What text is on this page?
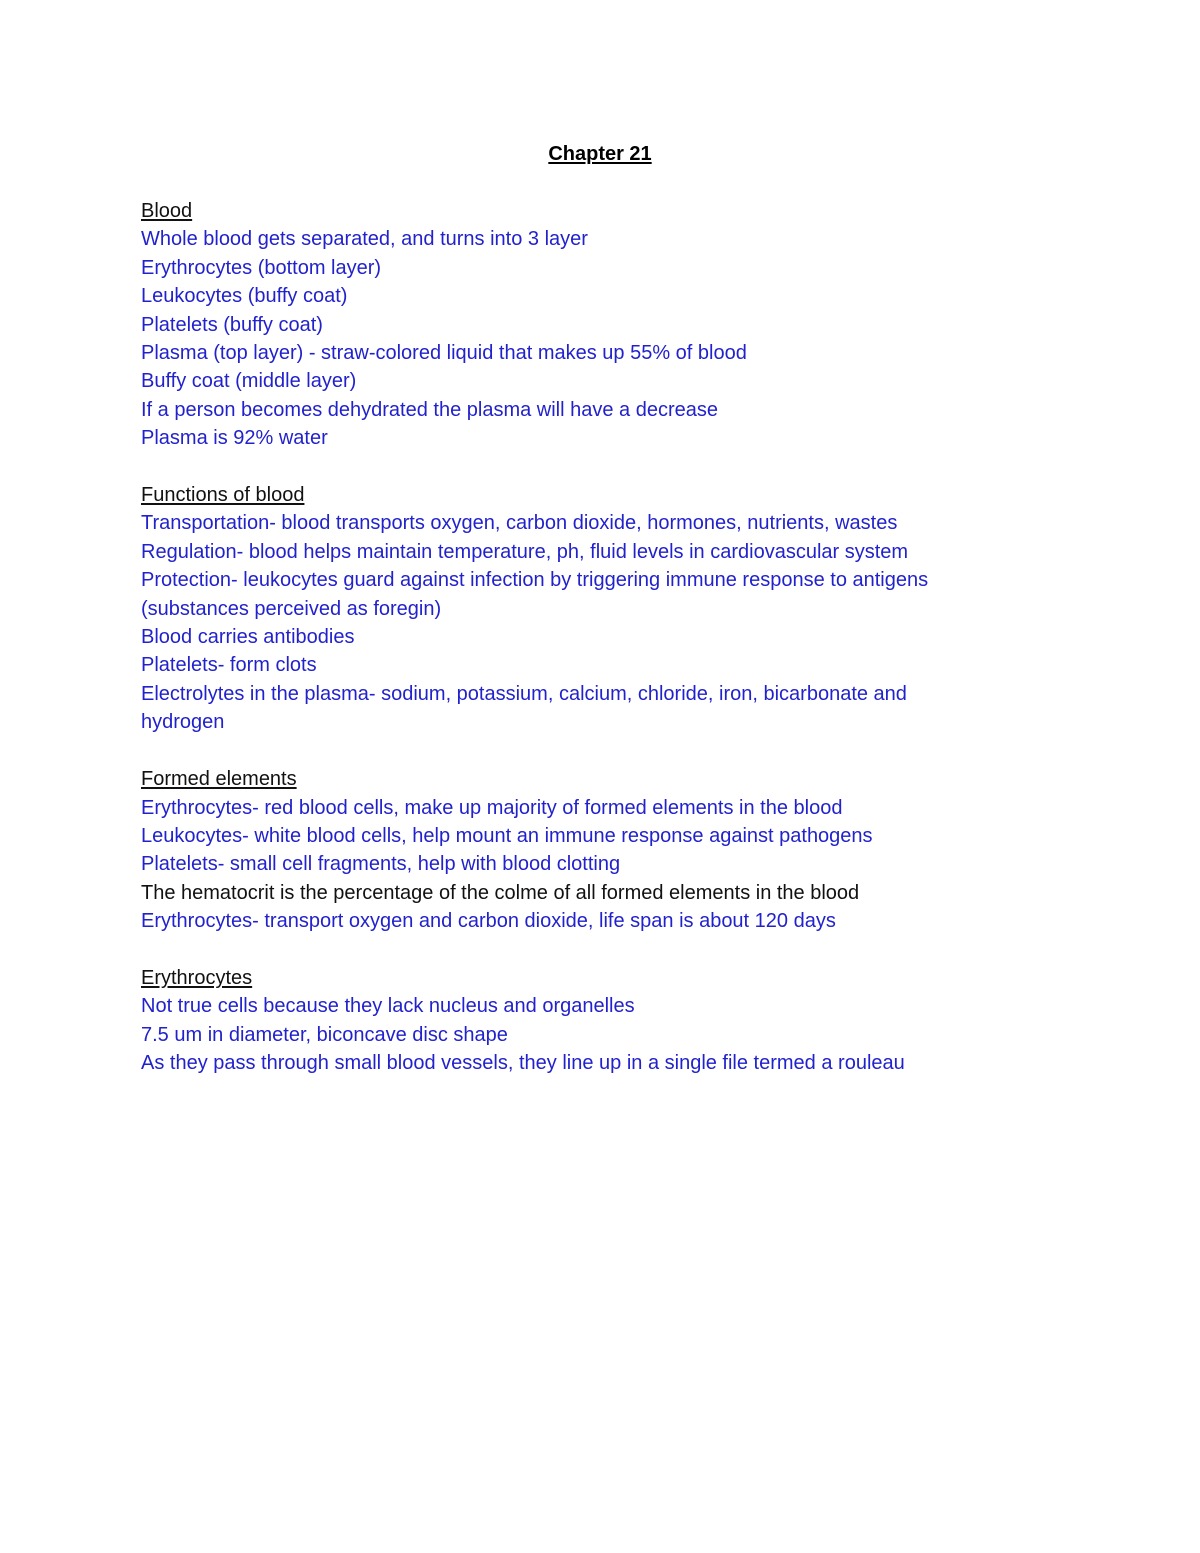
Chapter 21
Blood
Whole blood gets separated, and turns into 3 layer
Erythrocytes (bottom layer)
Leukocytes (buffy coat)
Platelets (buffy coat)
Plasma (top layer) - straw-colored liquid that makes up 55% of blood
Buffy coat (middle layer)
If a person becomes dehydrated the plasma will have a decrease
Plasma is 92% water
Functions of blood
Transportation- blood transports oxygen, carbon dioxide, hormones, nutrients, wastes
Regulation- blood helps maintain temperature, ph, fluid levels in cardiovascular system
Protection- leukocytes guard against infection by triggering immune response to antigens
(substances perceived as foregin)
Blood carries antibodies
Platelets- form clots
Electrolytes in the plasma- sodium, potassium, calcium, chloride, iron, bicarbonate and
hydrogen
Formed elements
Erythrocytes- red blood cells, make up majority of formed elements in the blood
Leukocytes- white blood cells, help mount an immune response against pathogens
Platelets- small cell fragments, help with blood clotting
The hematocrit is the percentage of the colme of all formed elements in the blood
Erythrocytes- transport oxygen and carbon dioxide, life span is about 120 days
Erythrocytes
Not true cells because they lack nucleus and organelles
7.5 um in diameter, biconcave disc shape
As they pass through small blood vessels, they line up in a single file termed a rouleau
